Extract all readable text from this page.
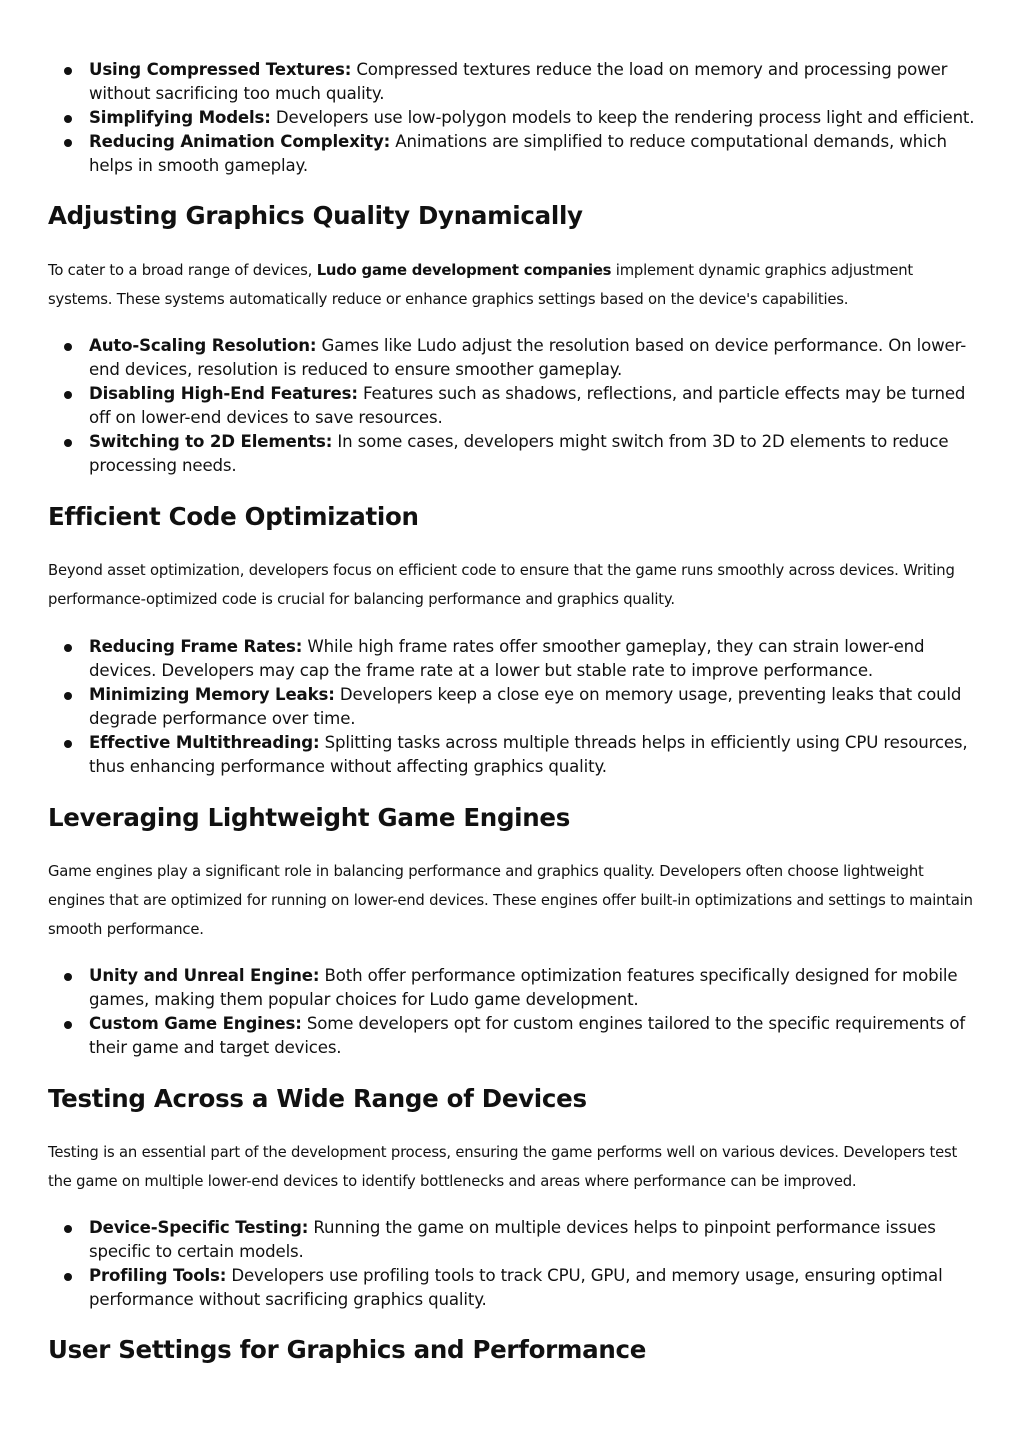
Using Compressed Textures: Compressed textures reduce the load on memory and processing power without sacrificing too much quality.
Simplifying Models: Developers use low-polygon models to keep the rendering process light and efficient.
Reducing Animation Complexity: Animations are simplified to reduce computational demands, which helps in smooth gameplay.
Adjusting Graphics Quality Dynamically

To cater to a broad range of devices, Ludo game development companies implement dynamic graphics adjustment systems. These systems automatically reduce or enhance graphics settings based on the device's capabilities.

Auto-Scaling Resolution: Games like Ludo adjust the resolution based on device performance. On lower-end devices, resolution is reduced to ensure smoother gameplay.
Disabling High-End Features: Features such as shadows, reflections, and particle effects may be turned off on lower-end devices to save resources.
Switching to 2D Elements: In some cases, developers might switch from 3D to 2D elements to reduce processing needs.
Efficient Code Optimization

Beyond asset optimization, developers focus on efficient code to ensure that the game runs smoothly across devices. Writing performance-optimized code is crucial for balancing performance and graphics quality.

Reducing Frame Rates: While high frame rates offer smoother gameplay, they can strain lower-end devices. Developers may cap the frame rate at a lower but stable rate to improve performance.
Minimizing Memory Leaks: Developers keep a close eye on memory usage, preventing leaks that could degrade performance over time.
Effective Multithreading: Splitting tasks across multiple threads helps in efficiently using CPU resources, thus enhancing performance without affecting graphics quality.
Leveraging Lightweight Game Engines

Game engines play a significant role in balancing performance and graphics quality. Developers often choose lightweight engines that are optimized for running on lower-end devices. These engines offer built-in optimizations and settings to maintain smooth performance.

Unity and Unreal Engine: Both offer performance optimization features specifically designed for mobile games, making them popular choices for Ludo game development.
Custom Game Engines: Some developers opt for custom engines tailored to the specific requirements of their game and target devices.
Testing Across a Wide Range of Devices

Testing is an essential part of the development process, ensuring the game performs well on various devices. Developers test the game on multiple lower-end devices to identify bottlenecks and areas where performance can be improved.

Device-Specific Testing: Running the game on multiple devices helps to pinpoint performance issues specific to certain models.
Profiling Tools: Developers use profiling tools to track CPU, GPU, and memory usage, ensuring optimal performance without sacrificing graphics quality.
User Settings for Graphics and Performance
